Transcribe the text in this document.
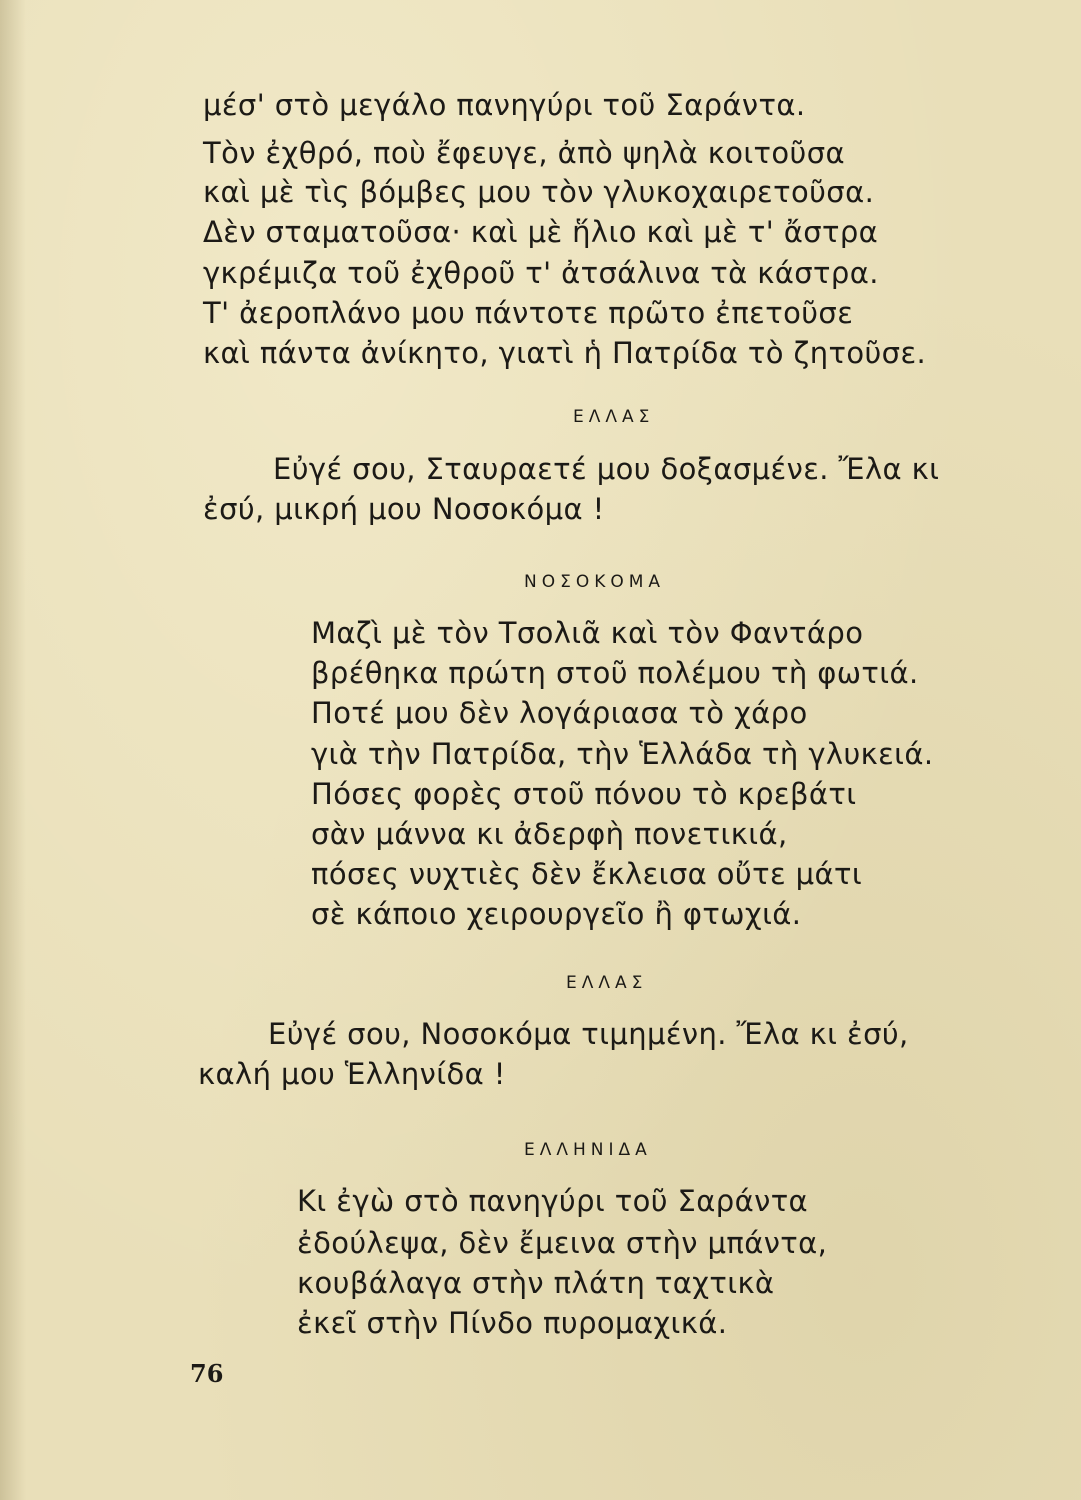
μέσ' στὸ μεγάλο πανηγύρι τοῦ Σαράντα.
Τὸν ἐχθρό, ποὺ ἔφευγε, ἀπὸ ψηλὰ κοιτοῦσα
καὶ μὲ τὶς βόμβες μου τὸν γλυκοχαιρετοῦσα.
Δὲν σταματοῦσα· καὶ μὲ ἥλιο καὶ μὲ τ' ἄστρα
γκρέμιζα τοῦ ἐχθροῦ τ' ἀτσάλινα τὰ κάστρα.
Τ' ἀεροπλάνο μου πάντοτε πρῶτο ἐπετοῦσε
καὶ πάντα ἀνίκητο, γιατὶ ἡ Πατρίδα τὸ ζητοῦσε.
ΕΛΛΑΣ
Εὐγέ σου, Σταυραετέ μου δοξασμένε. Ἔλα κι
ἐσύ, μικρή μου Νοσοκόμα !
ΝΟΣΟΚΟΜΑ
Μαζὶ μὲ τὸν Τσολιᾶ καὶ τὸν Φαντάρο
βρέθηκα πρώτη στοῦ πολέμου τὴ φωτιά.
Ποτέ μου δὲν λογάριασα τὸ χάρο
γιὰ τὴν Πατρίδα, τὴν Ἑλλάδα τὴ γλυκειά.
Πόσες φορὲς στοῦ πόνου τὸ κρεβάτι
σὰν μάννα κι ἀδερφὴ πονετικιά,
πόσες νυχτιὲς δὲν ἔκλεισα οὔτε μάτι
σὲ κάποιο χειρουργεῖο ἢ φτωχιά.
ΕΛΛΑΣ
Εὐγέ σου, Νοσοκόμα τιμημένη. Ἔλα κι ἐσύ,
καλή μου Ἑλληνίδα !
ΕΛΛΗΝΙΔΑ
Κι ἐγὼ στὸ πανηγύρι τοῦ Σαράντα
ἐδούλεψα, δὲν ἔμεινα στὴν μπάντα,
κουβάλαγα στὴν πλάτη ταχτικὰ
ἐκεῖ στὴν Πίνδο πυρομαχικά.
76
